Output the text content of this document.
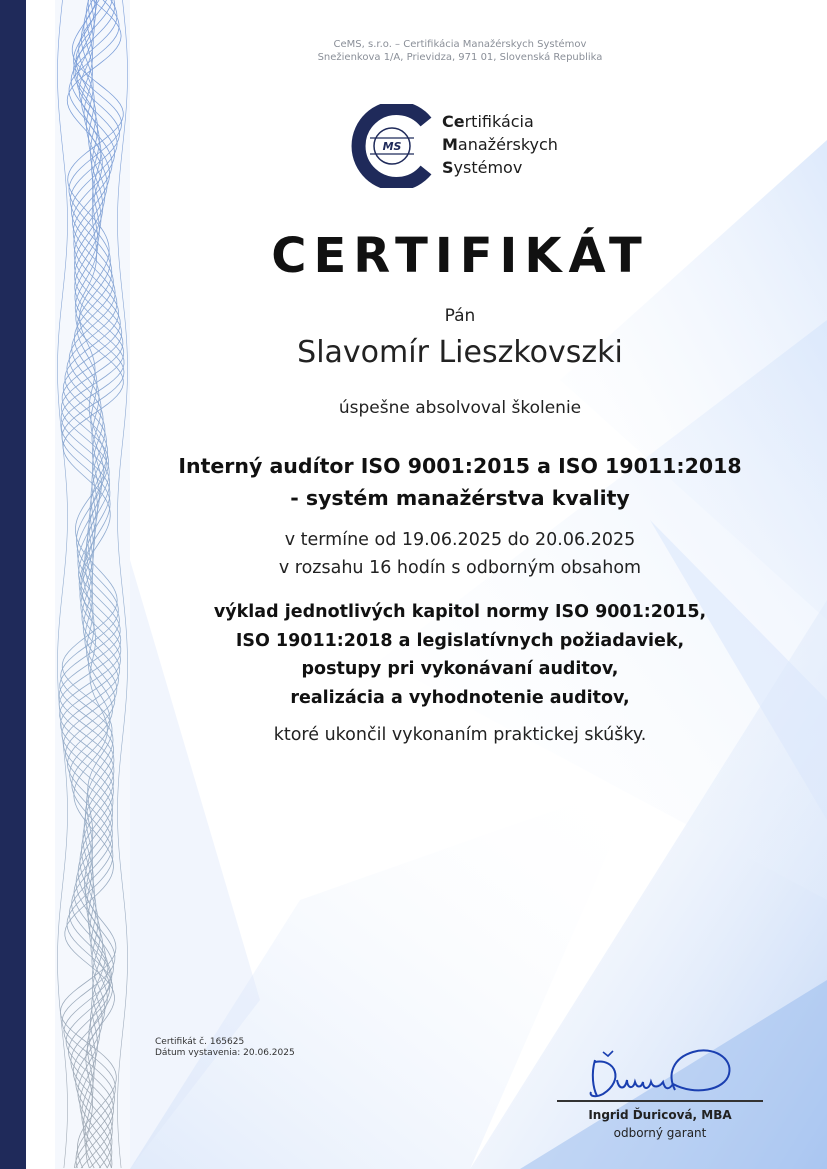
CeMS, s.r.o. – Certifikácia Manažérskych Systémov
Snežienkova 1/A, Prievidza, 971 01, Slovenská Republika
MS
Certifikácia
Manažérskych
Systémov
CERTIFIKÁT
Pán
Slavomír Lieszkovszki
úspešne absolvoval školenie
Interný audítor ISO 9001:2015 a ISO 19011:2018
- systém manažérstva kvality
v termíne od 19.06.2025 do 20.06.2025
v rozsahu 16 hodín s odborným obsahom
výklad jednotlivých kapitol normy ISO 9001:2015,
ISO 19011:2018 a legislatívnych požiadaviek,
postupy pri vykonávaní auditov,
realizácia a vyhodnotenie auditov,
ktoré ukončil vykonaním praktickej skúšky.
Certifikát č. 165625
Dátum vystavenia: 20.06.2025
Ingrid Ďuricová, MBA
odborný garant
